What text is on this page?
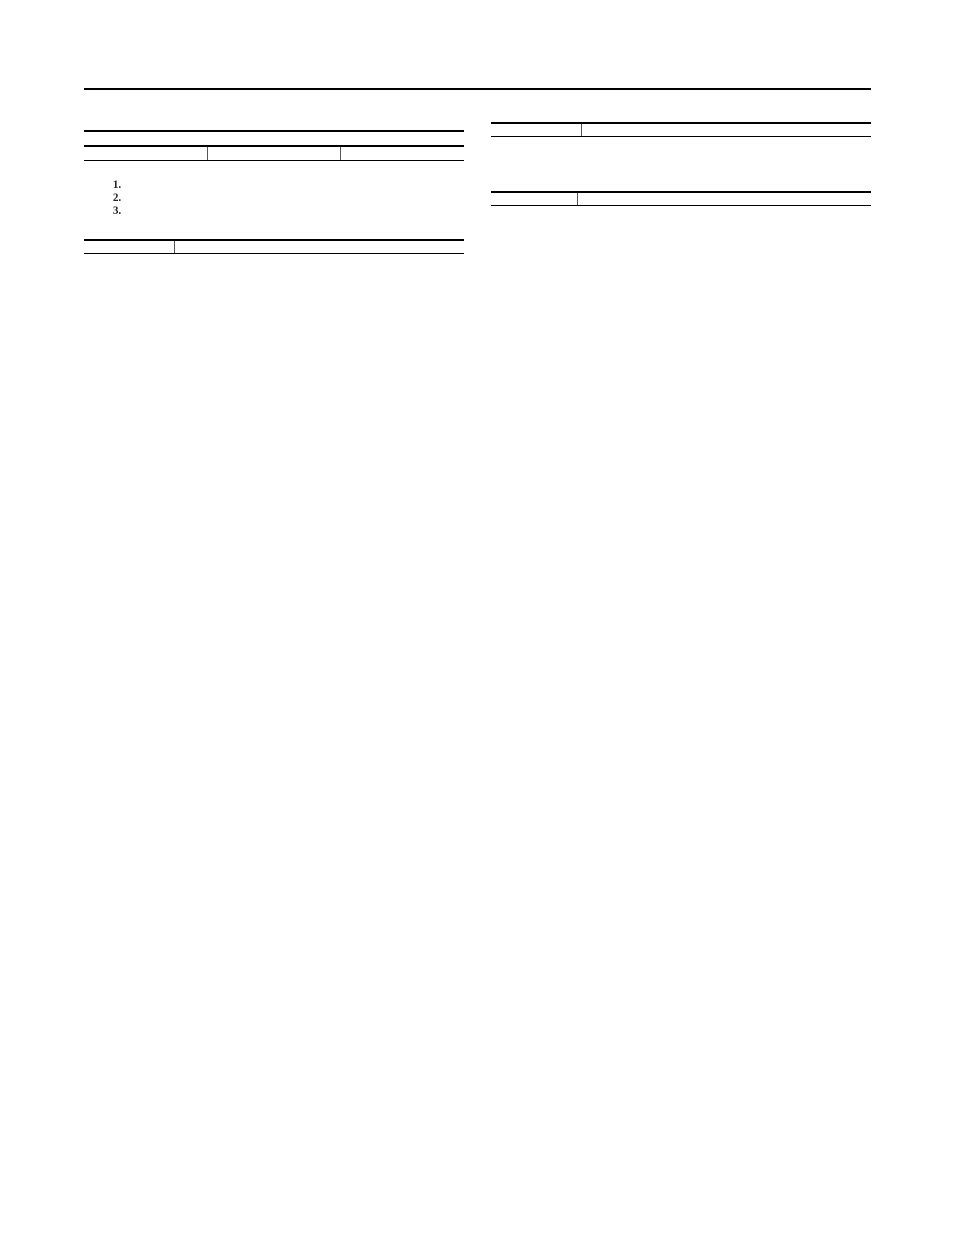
1.
2.
3.
